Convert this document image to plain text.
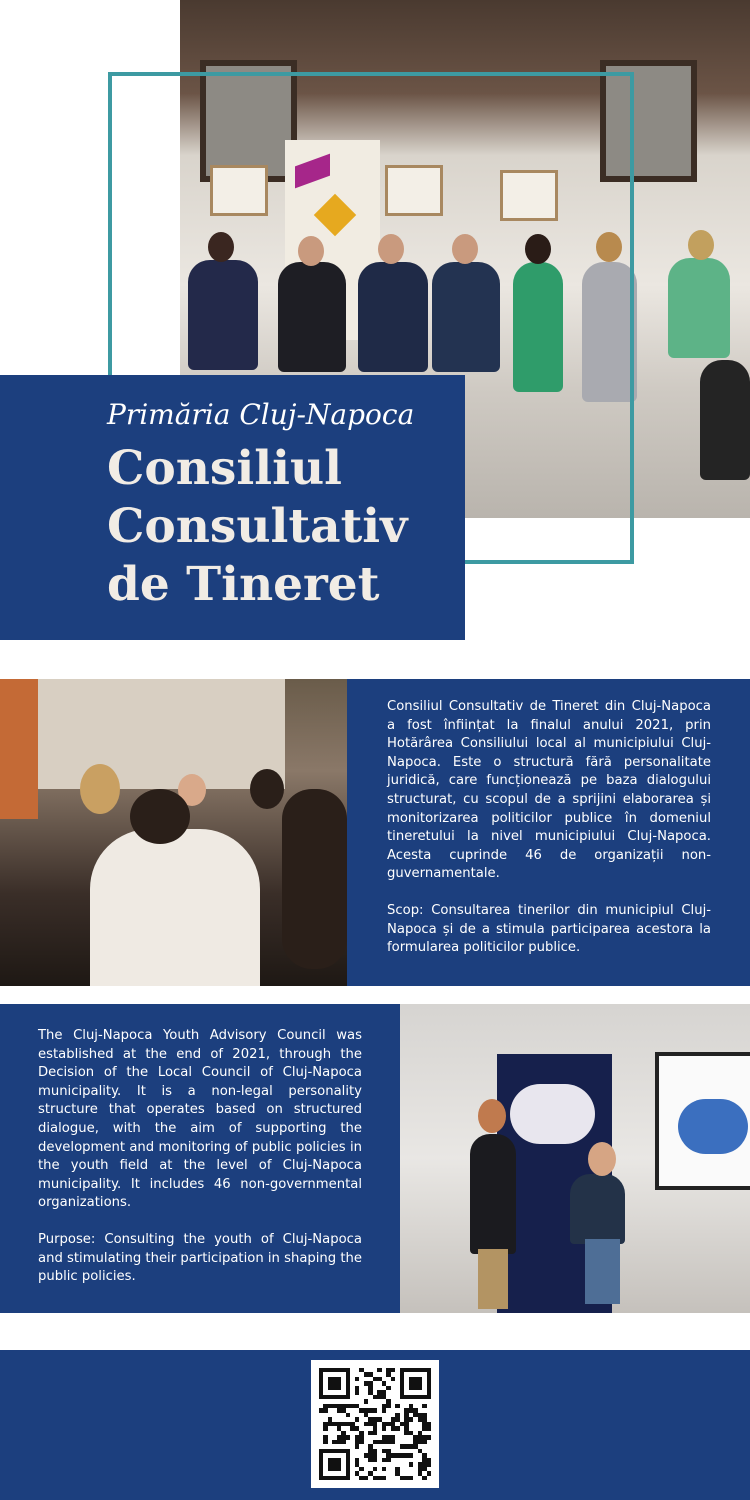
Primăria Cluj-Napoca
Consiliul
Consultativ
de Tineret

Consiliul Consultativ de Tineret din Cluj-Napoca a fost înființat la finalul anului 2021, prin Hotărârea Consiliului local al municipiului Cluj-Napoca. Este o structură fără personalitate juridică, care funcționează pe baza dialogului structurat, cu scopul de a sprijini elaborarea și monitorizarea politicilor publice în domeniul tineretului la nivel municipiului Cluj-Napoca. Acesta cuprinde 46 de organizații non-guvernamentale.

Scop: Consultarea tinerilor din municipiul Cluj-Napoca și de a stimula participarea acestora la formularea politicilor publice.

The Cluj-Napoca Youth Advisory Council was established at the end of 2021, through the Decision of the Local Council of Cluj-Napoca municipality. It is a non-legal personality structure that operates based on structured dialogue, with the aim of supporting the development and monitoring of public policies in the youth field at the level of Cluj-Napoca municipality. It includes 46 non-governmental organizations.

Purpose: Consulting the youth of Cluj-Napoca and stimulating their participation in shaping the public policies.
